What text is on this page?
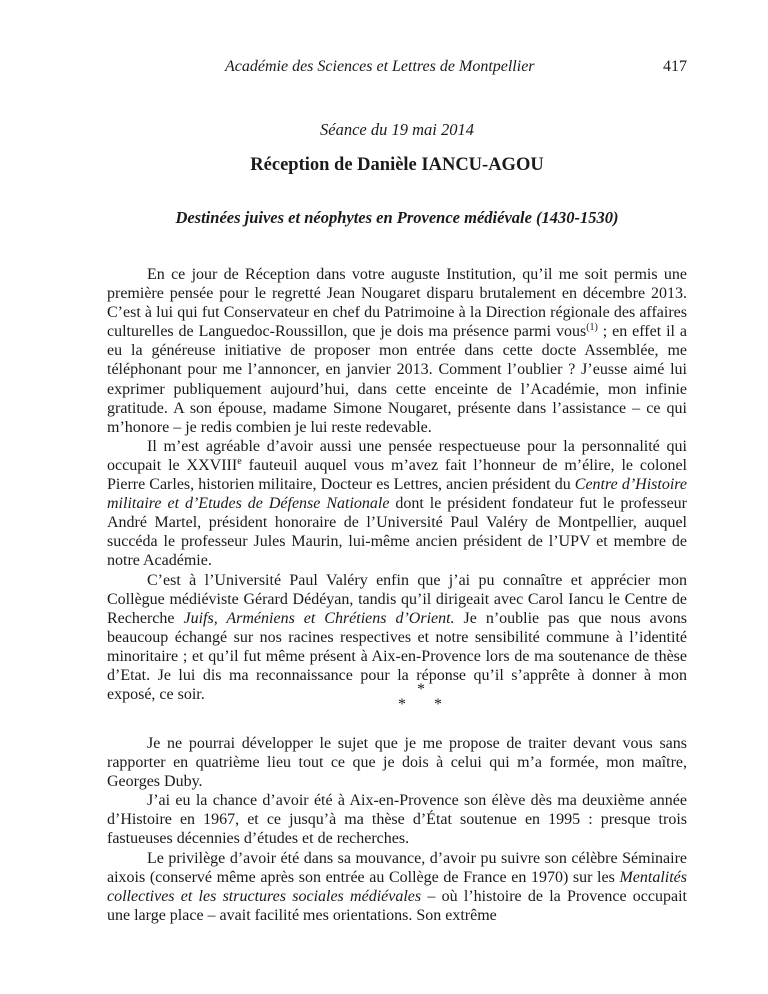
Académie des Sciences et Lettres de Montpellier	417
Séance du 19 mai 2014
Réception de Danièle IANCU-AGOU
Destinées juives et néophytes en Provence médiévale (1430-1530)

En ce jour de Réception dans votre auguste Institution, qu’il me soit permis une première pensée pour le regretté Jean Nougaret disparu brutalement en décembre 2013. C’est à lui qui fut Conservateur en chef du Patrimoine à la Direction régionale des affaires culturelles de Languedoc-Roussillon, que je dois ma présence parmi vous$^{(1)}$ ; en effet il a eu la généreuse initiative de proposer mon entrée dans cette docte Assemblée, me téléphonant pour me l’annoncer, en janvier 2013. Comment l’oublier ? J’eusse aimé lui exprimer publiquement aujourd’hui, dans cette enceinte de l’Académie, mon infinie gratitude. A son épouse, madame Simone Nougaret, présente dans l’assistance – ce qui m’honore – je redis combien je lui reste redevable.

Il m’est agréable d’avoir aussi une pensée respectueuse pour la personnalité qui occupait le XXVIIIe fauteuil auquel vous m’avez fait l’honneur de m’élire, le colonel Pierre Carles, historien militaire, Docteur es Lettres, ancien président du Centre d’Histoire militaire et d’Etudes de Défense Nationale dont le président fondateur fut le professeur André Martel, président honoraire de l’Université Paul Valéry de Montpellier, auquel succéda le professeur Jules Maurin, lui-même ancien président de l’UPV et membre de notre Académie.

C’est à l’Université Paul Valéry enfin que j’ai pu connaître et apprécier mon Collègue médiéviste Gérard Dédéyan, tandis qu’il dirigeait avec Carol Iancu le Centre de Recherche Juifs, Arméniens et Chrétiens d’Orient. Je n’oublie pas que nous avons beaucoup échangé sur nos racines respectives et notre sensibilité commune à l’identité minoritaire ; et qu’il fut même présent à Aix-en-Provence lors de ma soutenance de thèse d’Etat. Je lui dis ma reconnaissance pour la réponse qu’il s’apprête à donner à mon exposé, ce soir.	*
* *

Je ne pourrai développer le sujet que je me propose de traiter devant vous sans rapporter en quatrième lieu tout ce que je dois à celui qui m’a formée, mon maître, Georges Duby.

J’ai eu la chance d’avoir été à Aix-en-Provence son élève dès ma deuxième année d’Histoire en 1967, et ce jusqu’à ma thèse d’État soutenue en 1995 : presque trois fastueuses décennies d’études et de recherches.

Le privilège d’avoir été dans sa mouvance, d’avoir pu suivre son célèbre Séminaire aixois (conservé même après son entrée au Collège de France en 1970) sur les Mentalités collectives et les structures sociales médiévales – où l’histoire de la Provence occupait une large place – avait facilité mes orientations. Son extrême
